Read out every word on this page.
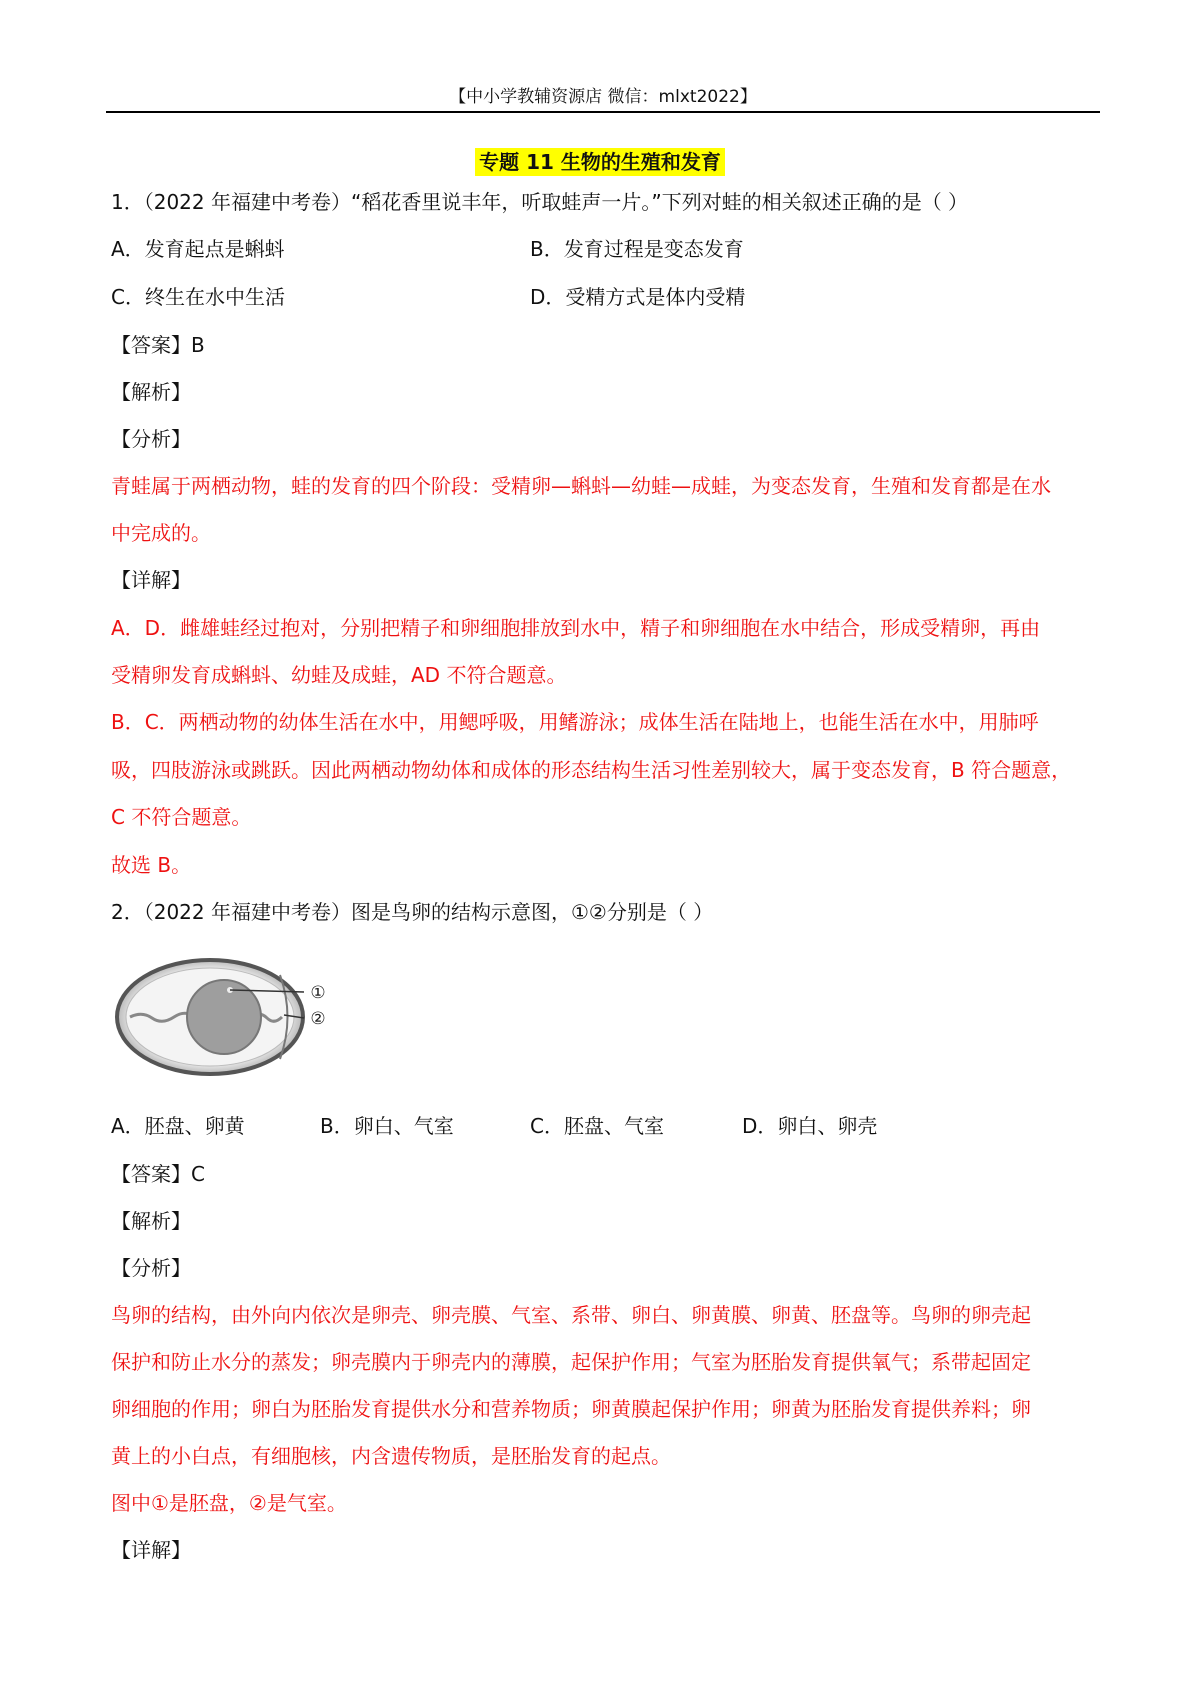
【中小学教辅资源店 微信：mlxt2022】
专题 11 生物的生殖和发育
1．（2022 年福建中考卷）“稻花香里说丰年，听取蛙声一片。”下列对蛙的相关叙述正确的是（ ）
A．发育起点是蝌蚪	B．发育过程是变态发育
C．终生在水中生活	D．受精方式是体内受精
【答案】B
【解析】
【分析】
青蛙属于两栖动物，蛙的发育的四个阶段：受精卵—蝌蚪—幼蛙—成蛙，为变态发育，生殖和发育都是在水
中完成的。
【详解】
A．D．雌雄蛙经过抱对，分别把精子和卵细胞排放到水中，精子和卵细胞在水中结合，形成受精卵，再由
受精卵发育成蝌蚪、幼蛙及成蛙，AD 不符合题意。
B．C．两栖动物的幼体生活在水中，用鳃呼吸，用鳍游泳；成体生活在陆地上，也能生活在水中，用肺呼
吸，四肢游泳或跳跃。因此两栖动物幼体和成体的形态结构生活习性差别较大，属于变态发育，B 符合题意，
C 不符合题意。
故选 B。
2．（2022 年福建中考卷）图是鸟卵的结构示意图，①②分别是（ ）
①
②
A．胚盘、卵黄	B．卵白、气室	C．胚盘、气室	D．卵白、卵壳
【答案】C
【解析】
【分析】
鸟卵的结构，由外向内依次是卵壳、卵壳膜、气室、系带、卵白、卵黄膜、卵黄、胚盘等。鸟卵的卵壳起
保护和防止水分的蒸发；卵壳膜内于卵壳内的薄膜，起保护作用；气室为胚胎发育提供氧气；系带起固定
卵细胞的作用；卵白为胚胎发育提供水分和营养物质；卵黄膜起保护作用；卵黄为胚胎发育提供养料；卵
黄上的小白点，有细胞核，内含遗传物质，是胚胎发育的起点。
图中①是胚盘，②是气室。
【详解】
